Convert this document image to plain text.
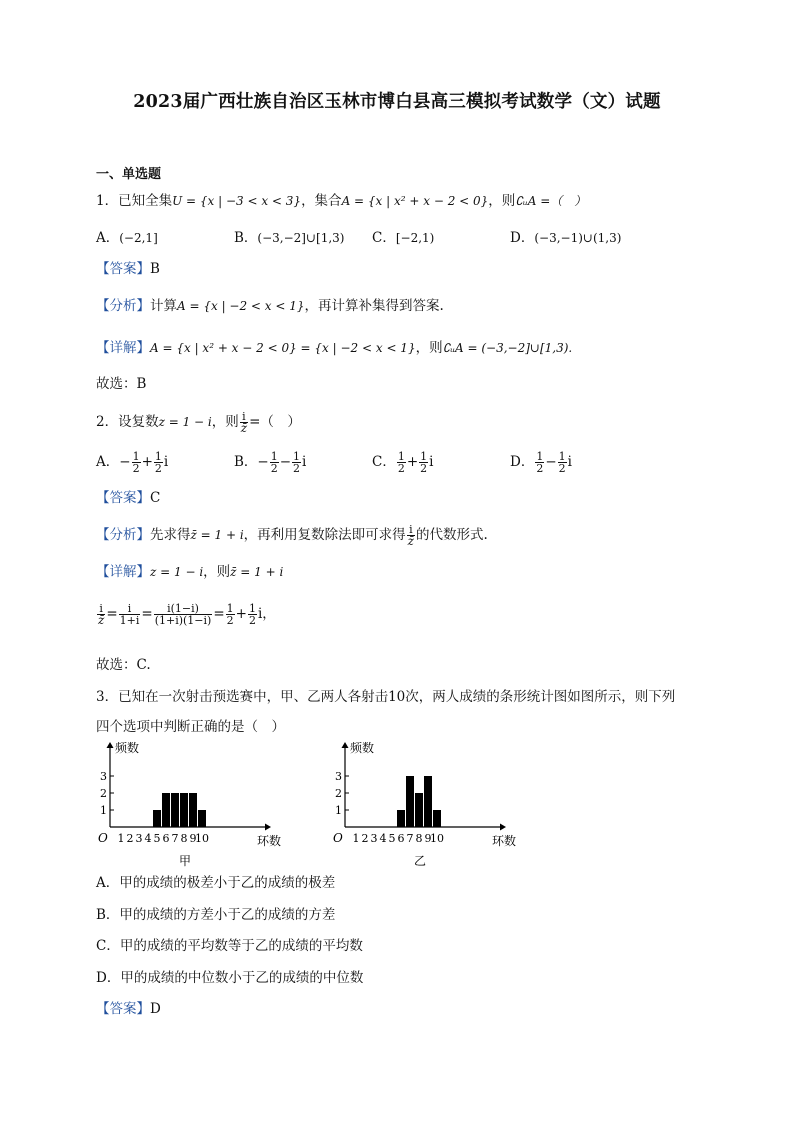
2023届广西壮族自治区玉林市博白县高三模拟考试数学（文）试题
一、单选题
1．已知全集U = {x | −3 < x < 3}，集合A = {x | x² + x − 2 < 0}，则∁ᵤA =（　）
A．(−2,1]	B．(−3,−2]∪[1,3) C．[−2,1)	D．(−3,−1)∪(1,3)
【答案】B
【分析】计算A = {x | −2 < x < 1}，再计算补集得到答案.
【详解】A = {x | x² + x − 2 < 0} = {x | −2 < x < 1}，则∁ᵤA = (−3,−2]∪[1,3).
故选：B
2．设复数z = 1 − i，则 $\frac{i}{z̄}$ =（　）
A．− $\frac{1}{2} + \frac{1}{2}$ i	B．− $\frac{1}{2} - \frac{1}{2}$ i	C． $\frac{1}{2} + \frac{1}{2}$ i	D． $\frac{1}{2} - \frac{1}{2}$ i
【答案】C
【分析】先求得z̄ = 1 + i，再利用复数除法即可求得 $\frac{i}{z̄}$ 的代数形式.
【详解】z = 1 − i，则z̄ = 1 + i
$\frac{i}{z̄} = \frac{i}{1+i} = \frac{i(1-i)}{(1+i)(1-i)} = \frac{1}{2} + \frac{1}{2}$ i，
故选：C.
3．已知在一次射击预选赛中，甲、乙两人各射击10次，两人成绩的条形统计图如图所示，则下列
四个选项中判断正确的是（　）
1
2
3
频数
O 1 2 3 4 5 6 7 8 9
10	环数
甲
1
2
3
频数
O 1 2 3 4 5 6 7 8 9
10	环数
乙
A．甲的成绩的极差小于乙的成绩的极差
B．甲的成绩的方差小于乙的成绩的方差
C．甲的成绩的平均数等于乙的成绩的平均数
D．甲的成绩的中位数小于乙的成绩的中位数
【答案】D
